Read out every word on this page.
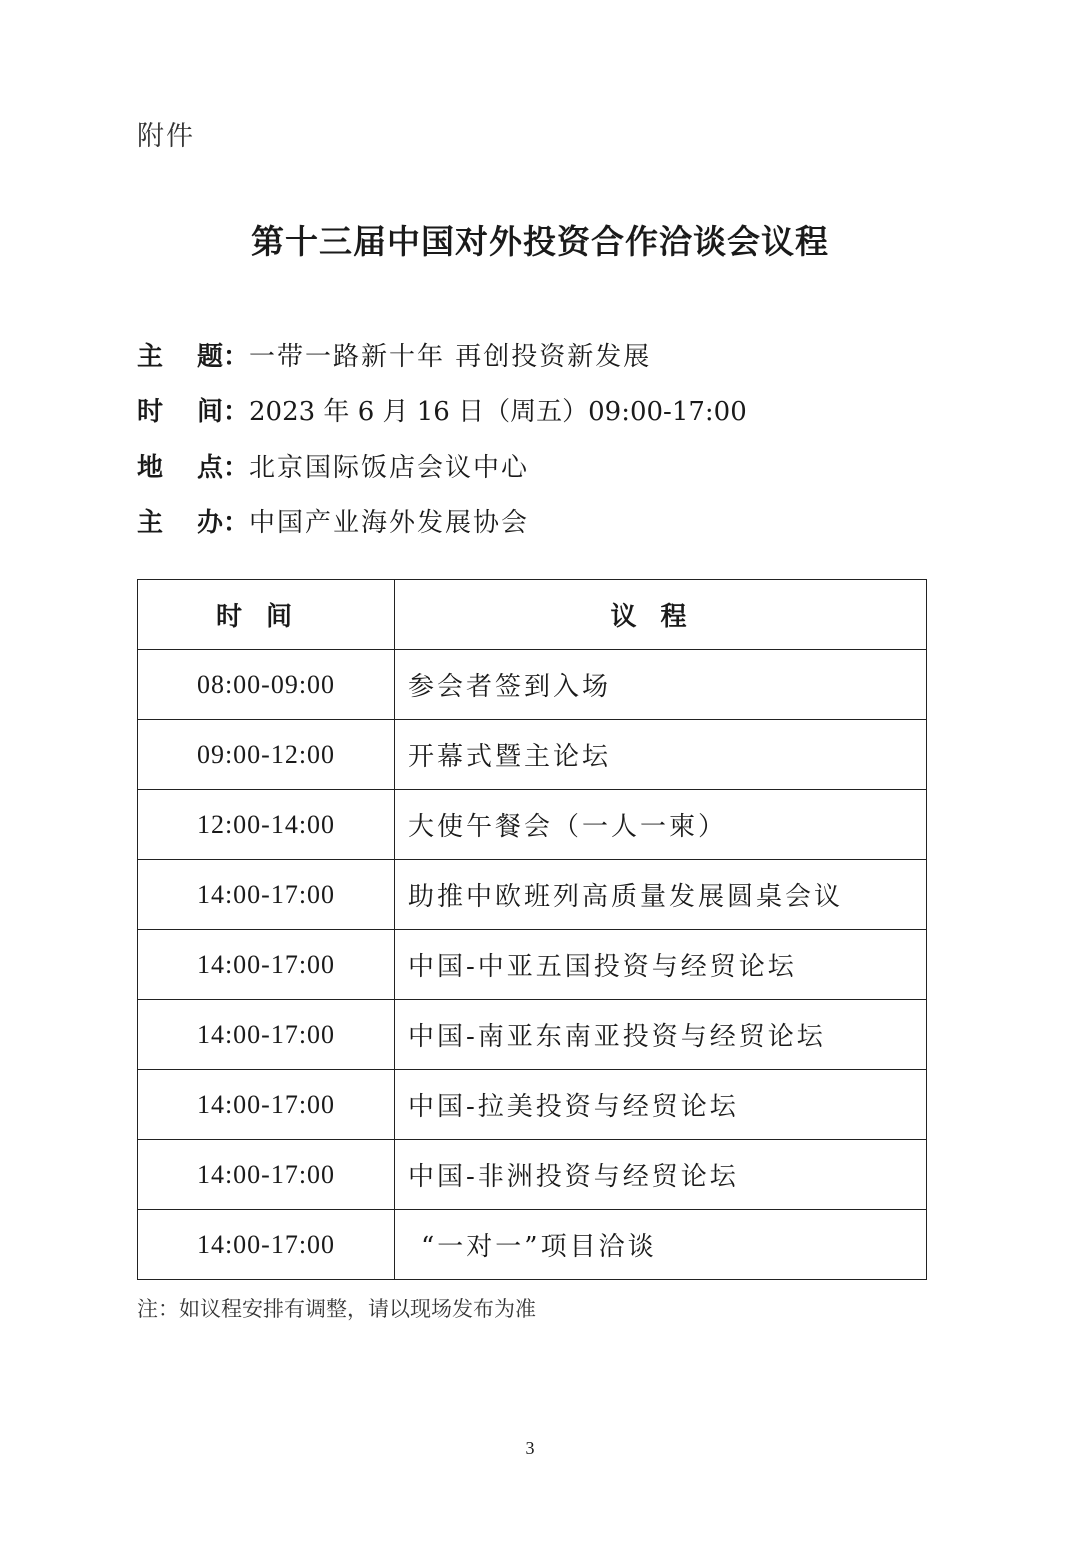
附件
第十三届中国对外投资合作洽谈会议程
主 题 ： 一带一路新十年 再创投资新发展
时 间 ： 2023 年 6 月 16 日（周五）09:00-17:00
地 点 ： 北京国际饭店会议中心
主 办 ： 中国产业海外发展协会
时间	议程
08:00-09:00	参会者签到入场
09:00-12:00	开幕式暨主论坛
12:00-14:00	大使午餐会（一人一柬）
14:00-17:00	助推中欧班列高质量发展圆桌会议
14:00-17:00	中国-中亚五国投资与经贸论坛
14:00-17:00	中国-南亚东南亚投资与经贸论坛
14:00-17:00	中国-拉美投资与经贸论坛
14:00-17:00	中国-非洲投资与经贸论坛
14:00-17:00	“一对一”项目洽谈
注：如议程安排有调整，请以现场发布为准
3
